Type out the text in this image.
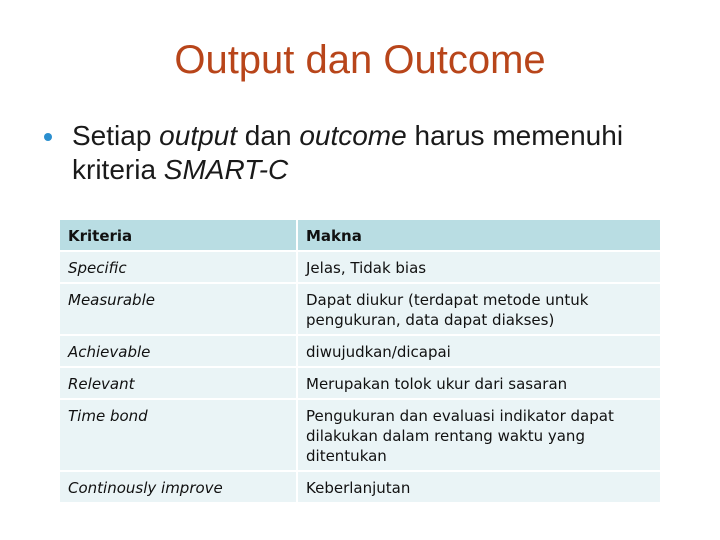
Output dan Outcome
Setiap output dan outcome harus memenuhi kriteria SMART-C
Kriteria	Makna
Specific	Jelas, Tidak bias
Measurable	Dapat diukur (terdapat metode untuk pengukuran, data dapat diakses)
Achievable	diwujudkan/dicapai
Relevant	Merupakan tolok ukur dari sasaran
Time bond	Pengukuran dan evaluasi indikator dapat dilakukan dalam rentang waktu yang ditentukan
Continously improve	Keberlanjutan
